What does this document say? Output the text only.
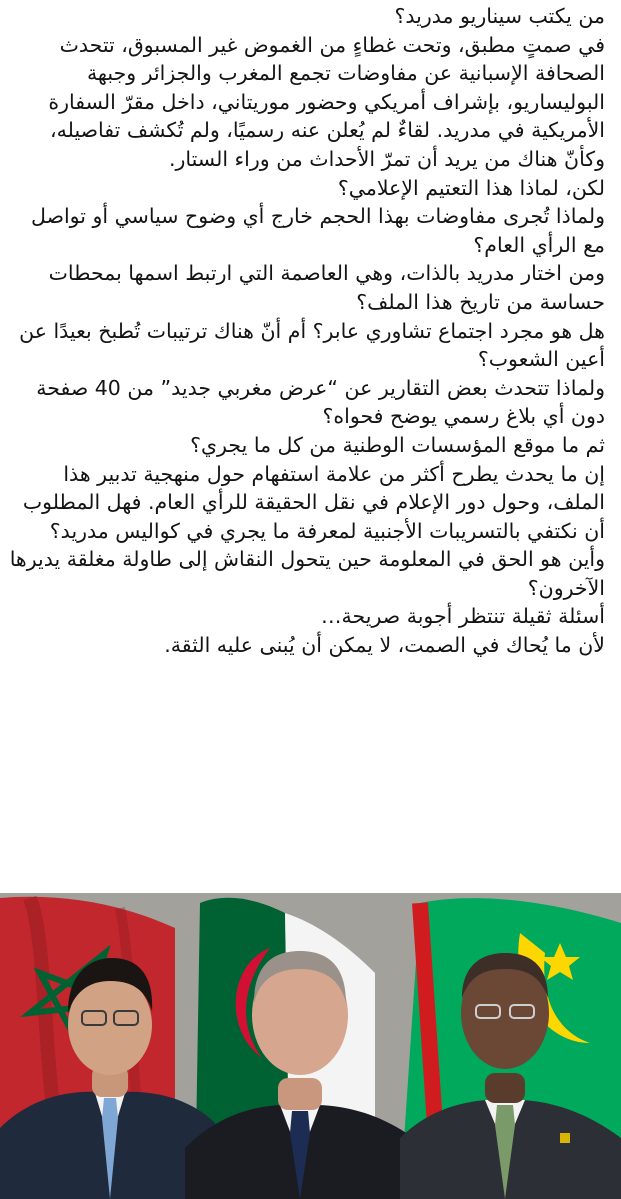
من يكتب سيناريو مدريد؟

في صمتٍ مطبق، وتحت غطاءٍ من الغموض غير المسبوق، تتحدث الصحافة الإسبانية عن مفاوضات تجمع المغرب والجزائر وجبهة البوليساريو، بإشراف أمريكي وحضور موريتاني، داخل مقرّ السفارة الأمريكية في مدريد. لقاءٌ لم يُعلن عنه رسميًا، ولم تُكشف تفاصيله، وكأنّ هناك من يريد أن تمرّ الأحداث من وراء الستار.

لكن، لماذا هذا التعتيم الإعلامي؟

ولماذا تُجرى مفاوضات بهذا الحجم خارج أي وضوح سياسي أو تواصل مع الرأي العام؟

ومن اختار مدريد بالذات، وهي العاصمة التي ارتبط اسمها بمحطات حساسة من تاريخ هذا الملف؟

هل هو مجرد اجتماع تشاوري عابر؟ أم أنّ هناك ترتيبات تُطبخ بعيدًا عن أعين الشعوب؟

ولماذا تتحدث بعض التقارير عن “عرض مغربي جديد” من 40 صفحة دون أي بلاغ رسمي يوضح فحواه؟

ثم ما موقع المؤسسات الوطنية من كل ما يجري؟

إن ما يحدث يطرح أكثر من علامة استفهام حول منهجية تدبير هذا الملف، وحول دور الإعلام في نقل الحقيقة للرأي العام. فهل المطلوب أن نكتفي بالتسريبات الأجنبية لمعرفة ما يجري في كواليس مدريد؟

وأين هو الحق في المعلومة حين يتحول النقاش إلى طاولة مغلقة يديرها الآخرون؟

أسئلة ثقيلة تنتظر أجوبة صريحة…

لأن ما يُحاك في الصمت، لا يمكن أن يُبنى عليه الثقة.
